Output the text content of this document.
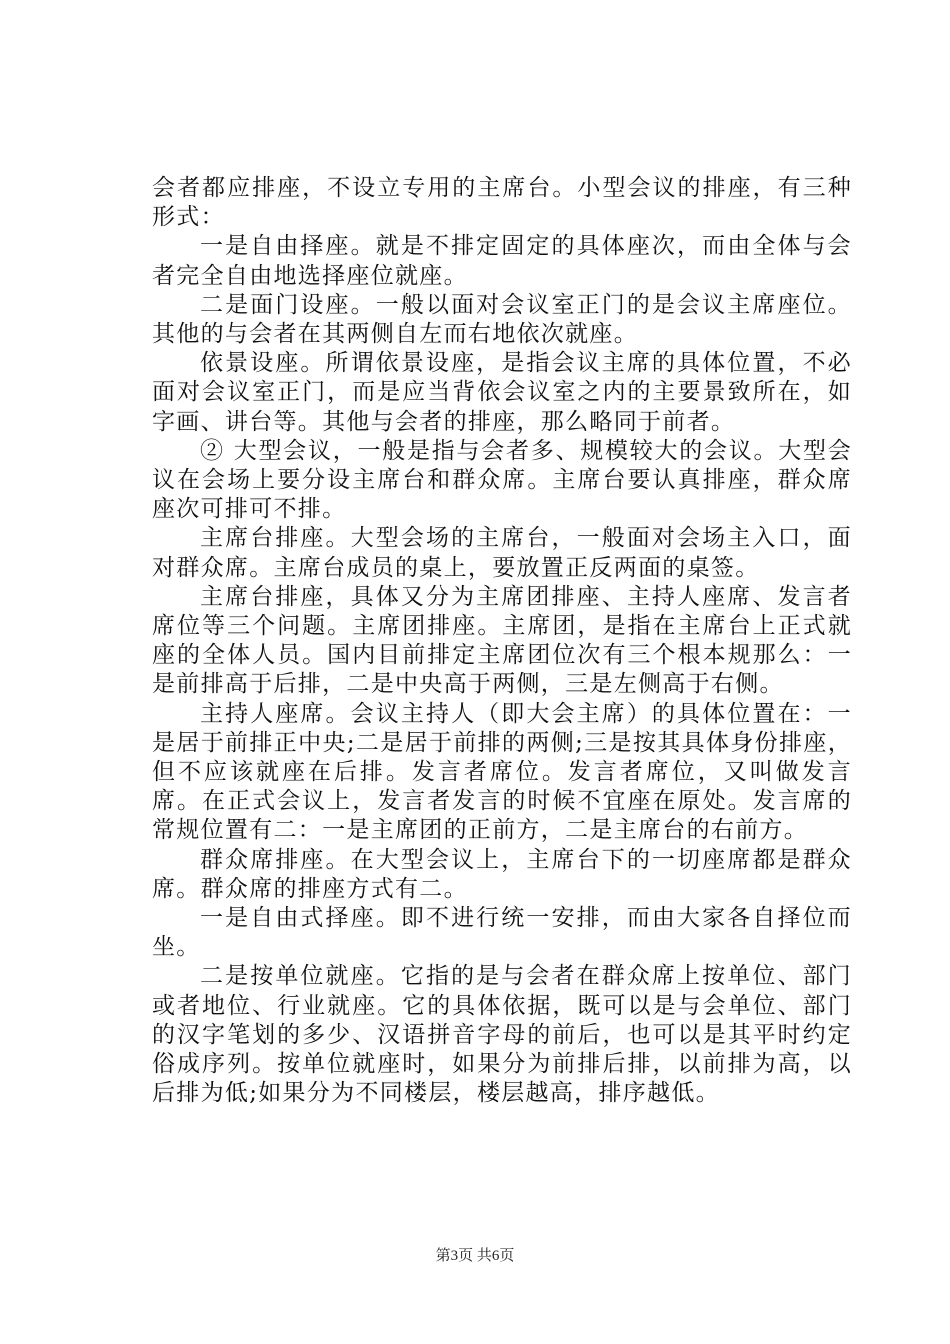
会者都应排座，不设立专用的主席台。小型会议的排座，有三种形式：

一是自由择座。就是不排定固定的具体座次，而由全体与会者完全自由地选择座位就座。

二是面门设座。一般以面对会议室正门的是会议主席座位。其他的与会者在其两侧自左而右地依次就座。

依景设座。所谓依景设座，是指会议主席的具体位置，不必面对会议室正门，而是应当背依会议室之内的主要景致所在，如字画、讲台等。其他与会者的排座，那么略同于前者。

② 大型会议，一般是指与会者多、规模较大的会议。大型会议在会场上要分设主席台和群众席。主席台要认真排座，群众席座次可排可不排。

主席台排座。大型会场的主席台，一般面对会场主入口，面对群众席。主席台成员的桌上，要放置正反两面的桌签。

主席台排座，具体又分为主席团排座、主持人座席、发言者席位等三个问题。主席团排座。主席团，是指在主席台上正式就座的全体人员。国内目前排定主席团位次有三个根本规那么：一是前排高于后排，二是中央高于两侧，三是左侧高于右侧。

主持人座席。会议主持人（即大会主席）的具体位置在：一是居于前排正中央;二是居于前排的两侧;三是按其具体身份排座，但不应该就座在后排。发言者席位。发言者席位，又叫做发言席。在正式会议上，发言者发言的时候不宜座在原处。发言席的常规位置有二：一是主席团的正前方，二是主席台的右前方。

群众席排座。在大型会议上，主席台下的一切座席都是群众席。群众席的排座方式有二。

一是自由式择座。即不进行统一安排，而由大家各自择位而坐。

二是按单位就座。它指的是与会者在群众席上按单位、部门或者地位、行业就座。它的具体依据，既可以是与会单位、部门的汉字笔划的多少、汉语拼音字母的前后，也可以是其平时约定俗成序列。按单位就座时，如果分为前排后排，以前排为高，以后排为低;如果分为不同楼层，楼层越高，排序越低。

第3页 共6页
